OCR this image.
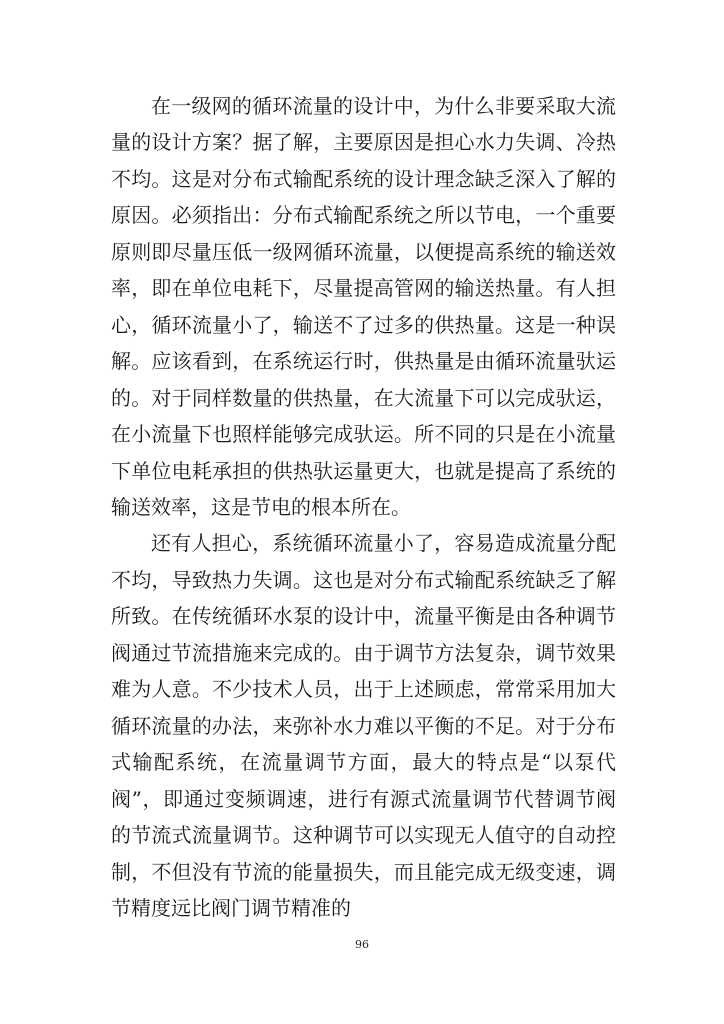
在一级网的循环流量的设计中，为什么非要采取大流量的设计方案？据了解，主要原因是担心水力失调、冷热不均。这是对分布式输配系统的设计理念缺乏深入了解的原因。必须指出：分布式输配系统之所以节电，一个重要原则即尽量压低一级网循环流量，以便提高系统的输送效率，即在单位电耗下，尽量提高管网的输送热量。有人担心，循环流量小了，输送不了过多的供热量。这是一种误解。应该看到，在系统运行时，供热量是由循环流量驮运的。对于同样数量的供热量，在大流量下可以完成驮运，在小流量下也照样能够完成驮运。所不同的只是在小流量下单位电耗承担的供热驮运量更大，也就是提高了系统的输送效率，这是节电的根本所在。

还有人担心，系统循环流量小了，容易造成流量分配不均，导致热力失调。这也是对分布式输配系统缺乏了解所致。在传统循环水泵的设计中，流量平衡是由各种调节阀通过节流措施来完成的。由于调节方法复杂，调节效果难为人意。不少技术人员，出于上述顾虑，常常采用加大循环流量的办法，来弥补水力难以平衡的不足。对于分布式输配系统，在流量调节方面，最大的特点是“以泵代阀”，即通过变频调速，进行有源式流量调节代替调节阀的节流式流量调节。这种调节可以实现无人值守的自动控制，不但没有节流的能量损失，而且能完成无级变速，调节精度远比阀门调节精准的

96
